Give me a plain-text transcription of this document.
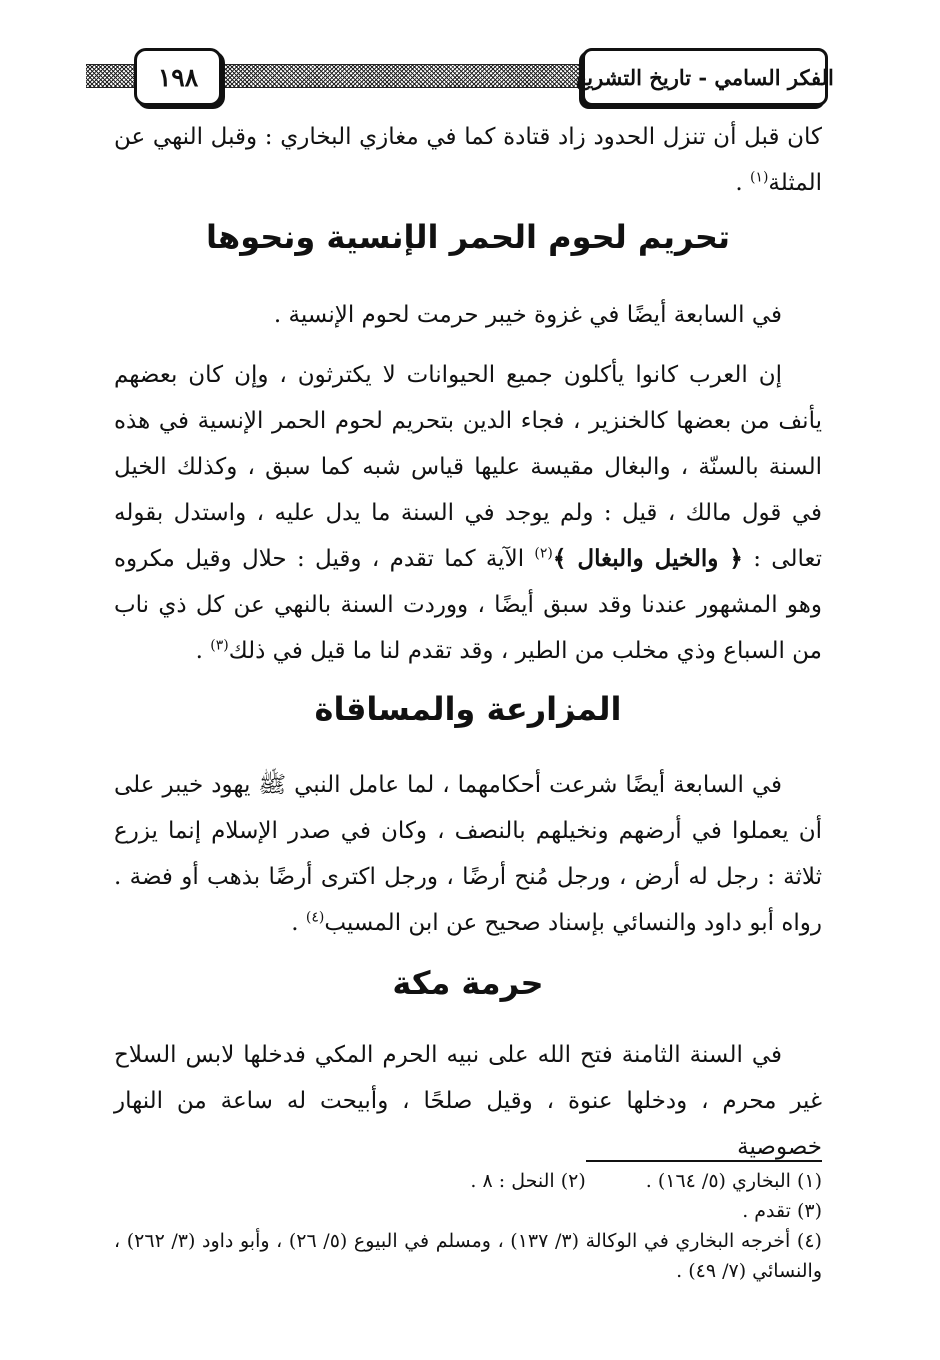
الفكر السامي - تاريخ التشريع
١٩٨

كان قبل أن تنزل الحدود زاد قتادة كما في مغازي البخاري : وقبل النهي عن المثلة$^{(١)}$ .

تحريم لحوم الحمر الإنسية ونحوها

في السابعة أيضًا في غزوة خيبر حرمت لحوم الإنسية .

إن العرب كانوا يأكلون جميع الحيوانات لا يكترثون ، وإن كان بعضهم يأنف من بعضها كالخنزير ، فجاء الدين بتحريم لحوم الحمر الإنسية في هذه السنة بالسنّة ، والبغال مقيسة عليها قياس شبه كما سبق ، وكذلك الخيل في قول مالك ، قيل : ولم يوجد في السنة ما يدل عليه ، واستدل بقوله تعالى : ﴿ والخيل والبغال ﴾$^{(٢)}$ الآية كما تقدم ، وقيل : حلال وقيل مكروه وهو المشهور عندنا وقد سبق أيضًا ، ووردت السنة بالنهي عن كل ذي ناب من السباع وذي مخلب من الطير ، وقد تقدم لنا ما قيل في ذلك$^{(٣)}$ .

المزارعة والمساقاة

في السابعة أيضًا شرعت أحكامهما ، لما عامل النبي ﷺ يهود خيبر على أن يعملوا في أرضهم ونخيلهم بالنصف ، وكان في صدر الإسلام إنما يزرع ثلاثة : رجل له أرض ، ورجل مُنح أرضًا ، ورجل اكترى أرضًا بذهب أو فضة . رواه أبو داود والنسائي بإسناد صحيح عن ابن المسيب$^{(٤)}$ .

حرمة مكة

في السنة الثامنة فتح الله على نبيه الحرم المكي فدخلها لابس السلاح غير محرم ، ودخلها عنوة ، وقيل صلحًا ، وأبيحت له ساعة من النهار خصوصية

(١) البخاري (٥/ ١٦٤) .(٢) النحل : ٨ .
(٣) تقدم .
(٤) أخرجه البخاري في الوكالة (٣/ ١٣٧) ، ومسلم في البيوع (٥/ ٢٦) ، وأبو داود (٣/ ٢٦٢) ، والنسائي (٧/ ٤٩) .
